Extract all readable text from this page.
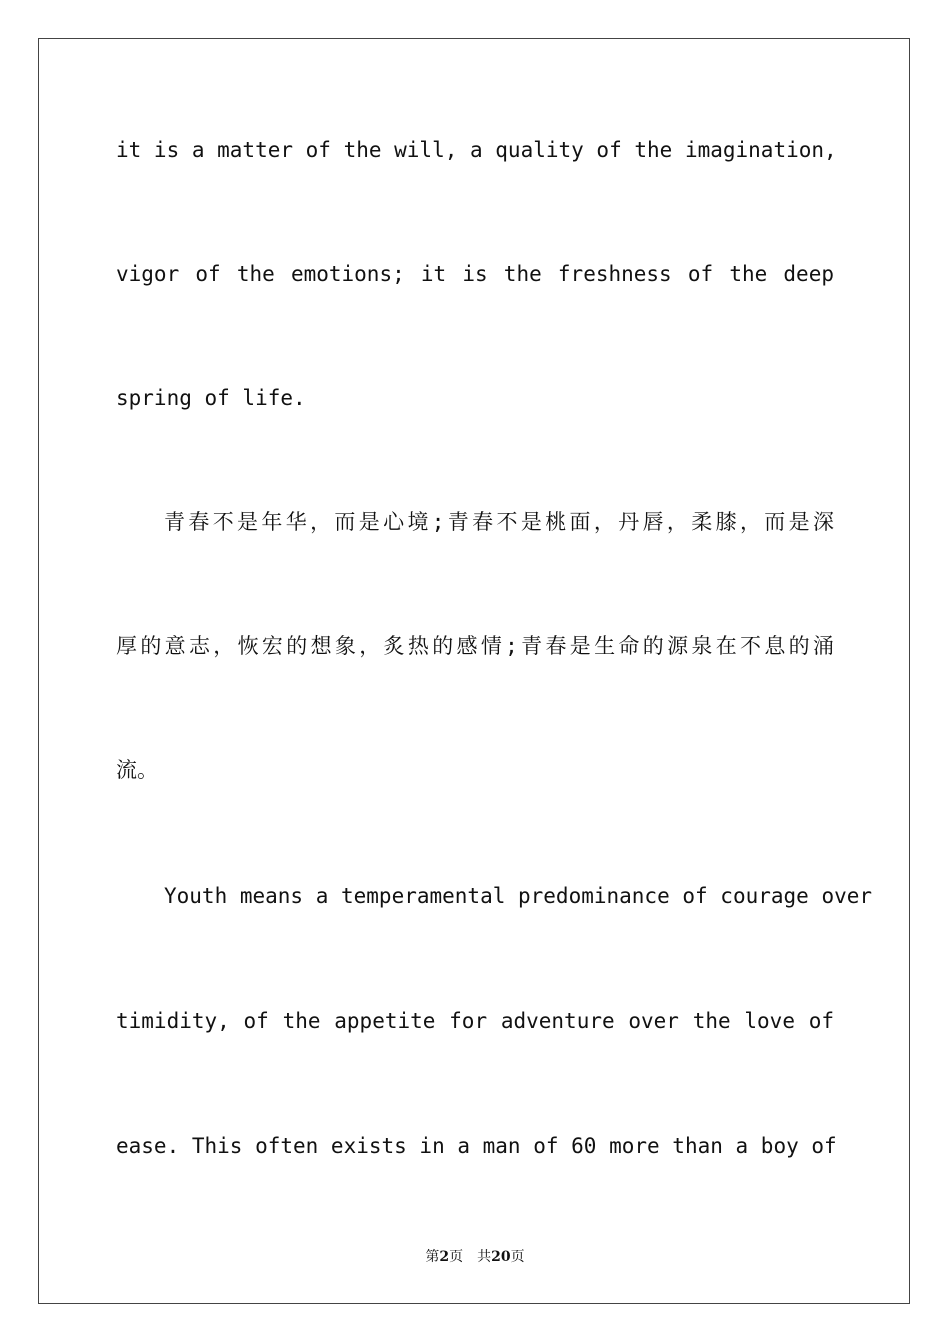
it is a matter of the will, a quality of the imagination,
vigor of the emotions; it is the freshness of the deep
spring of life.
青春不是年华，而是心境;青春不是桃面，丹唇，柔膝，而是深
厚的意志，恢宏的想象，炙热的感情;青春是生命的源泉在不息的涌
流。
Youth means a temperamental predominance of courage over
timidity, of the appetite for adventure over the love of
ease. This often exists in a man of 60 more than a boy of
第2页 共20页
